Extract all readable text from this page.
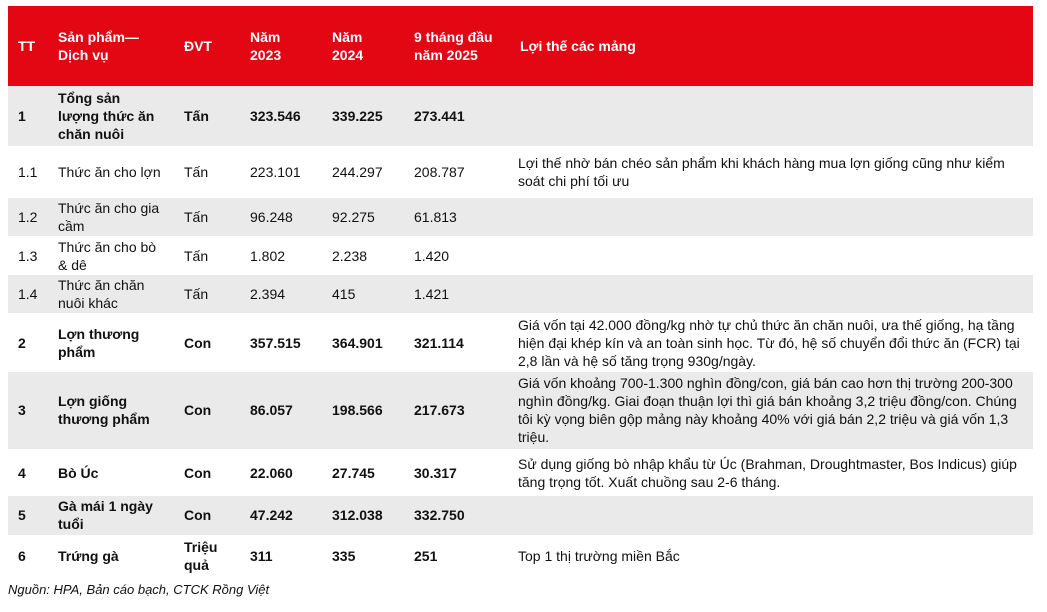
TT	Sản phẩm— Dịch vụ	ĐVT	Năm 2023	Năm 2024	9 tháng đầu năm 2025	Lợi thế các mảng
1	Tổng sản lượng thức ăn chăn nuôi	Tấn	323.546	339.225	273.441	
1.1	Thức ăn cho lợn	Tấn	223.101	244.297	208.787	Lợi thế nhờ bán chéo sản phẩm khi khách hàng mua lợn giống cũng như kiểm soát chi phí tối ưu
1.2	Thức ăn cho gia cầm	Tấn	96.248	92.275	61.813	
1.3	Thức ăn cho bò & dê	Tấn	1.802	2.238	1.420	
1.4	Thức ăn chăn nuôi khác	Tấn	2.394	415	1.421	
2	Lợn thương phẩm	Con	357.515	364.901	321.114	Giá vốn tại 42.000 đồng/kg nhờ tự chủ thức ăn chăn nuôi, ưa thế giống, hạ tầng hiện đại khép kín và an toàn sinh học. Từ đó, hệ số chuyển đổi thức ăn (FCR) tại 2,8 lần và hệ số tăng trọng 930g/ngày.
3	Lợn giống thương phẩm	Con	86.057	198.566	217.673	Giá vốn khoảng 700-1.300 nghìn đồng/con, giá bán cao hơn thị trường 200-300 nghìn đồng/kg. Giai đoạn thuận lợi thì giá bán khoảng 3,2 triệu đồng/con. Chúng tôi kỳ vọng biên gộp mảng này khoảng 40% với giá bán 2,2 triệu và giá vốn 1,3 triệu.
4	Bò Úc	Con	22.060	27.745	30.317	Sử dụng giống bò nhập khẩu từ Úc (Brahman, Droughtmaster, Bos Indicus) giúp tăng trọng tốt. Xuất chuồng sau 2-6 tháng.
5	Gà mái 1 ngày tuổi	Con	47.242	312.038	332.750	
6	Trứng gà	Triệu quả	311	335	251	Top 1 thị trường miền Bắc
Nguồn: HPA, Bản cáo bạch, CTCK Rồng Việt
